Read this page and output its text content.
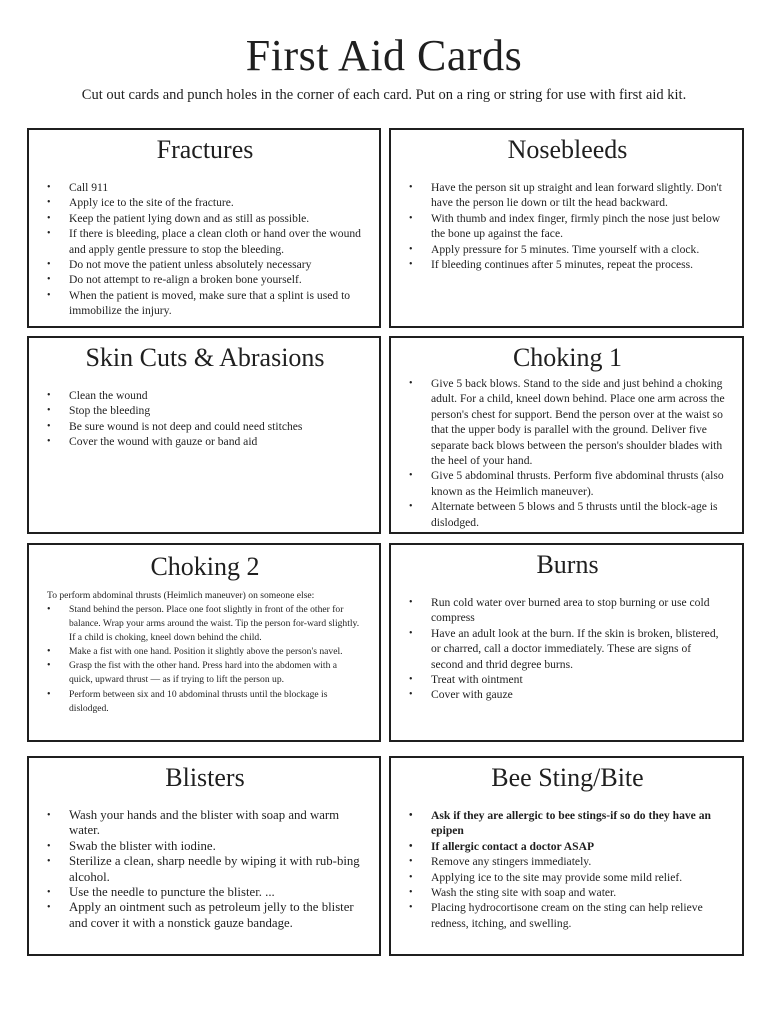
First Aid Cards

Cut out cards and punch holes in the corner of each card. Put on a ring or string for use with first aid kit.

Fractures
• Call 911
• Apply ice to the site of the fracture.
• Keep the patient lying down and as still as possible.
• If there is bleeding, place a clean cloth or hand over the wound and apply gentle pressure to stop the bleeding.
• Do not move the patient unless absolutely necessary
• Do not attempt to re-align a broken bone yourself.
• When the patient is moved, make sure that a splint is used to immobilize the injury.
Nosebleeds
• Have the person sit up straight and lean forward slightly. Don't have the person lie down or tilt the head backward.
• With thumb and index finger, firmly pinch the nose just below the bone up against the face.
• Apply pressure for 5 minutes. Time yourself with a clock.
• If bleeding continues after 5 minutes, repeat the process.
Skin Cuts & Abrasions
• Clean the wound
• Stop the bleeding
• Be sure wound is not deep and could need stitches
• Cover the wound with gauze or band aid
Choking 1
• Give 5 back blows. Stand to the side and just behind a choking adult. For a child, kneel down behind. Place one arm across the person's chest for support. Bend the person over at the waist so that the upper body is parallel with the ground. Deliver five separate back blows between the person's shoulder blades with the heel of your hand.
• Give 5 abdominal thrusts. Perform five abdominal thrusts (also known as the Heimlich maneuver).
• Alternate between 5 blows and 5 thrusts until the block-age is dislodged.
Choking 2

To perform abdominal thrusts (Heimlich maneuver) on someone else:

• Stand behind the person. Place one foot slightly in front of the other for balance. Wrap your arms around the waist. Tip the person for-ward slightly. If a child is choking, kneel down behind the child.
• Make a fist with one hand. Position it slightly above the person's navel.
• Grasp the fist with the other hand. Press hard into the abdomen with a quick, upward thrust — as if trying to lift the person up.
• Perform between six and 10 abdominal thrusts until the blockage is dislodged.
Burns
• Run cold water over burned area to stop burning or use cold compress
• Have an adult look at the burn. If the skin is broken, blistered, or charred, call a doctor immediately. These are signs of second and thrid degree burns.
• Treat with ointment
• Cover with gauze
Blisters
• Wash your hands and the blister with soap and warm water.
• Swab the blister with iodine.
• Sterilize a clean, sharp needle by wiping it with rub-bing alcohol.
• Use the needle to puncture the blister. ...
• Apply an ointment such as petroleum jelly to the blister and cover it with a nonstick gauze bandage.
Bee Sting/Bite
• Ask if they are allergic to bee stings-if so do they have an epipen
• If allergic contact a doctor ASAP
• Remove any stingers immediately.
• Applying ice to the site may provide some mild relief.
• Wash the sting site with soap and water.
• Placing hydrocortisone cream on the sting can help relieve redness, itching, and swelling.
